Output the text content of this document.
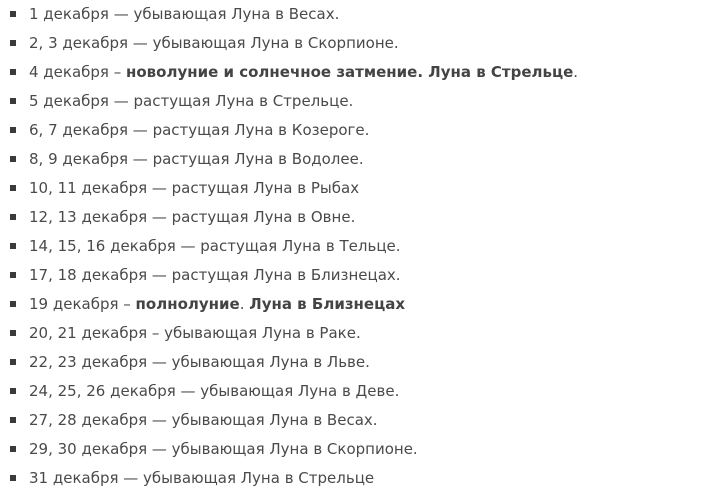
1 декабря — убывающая Луна в Весах.
2, 3 декабря — убывающая Луна в Скорпионе.
4 декабря – новолуние и солнечное затмение. Луна в Стрельце.
5 декабря — растущая Луна в Стрельце.
6, 7 декабря — растущая Луна в Козероге.
8, 9 декабря — растущая Луна в Водолее.
10, 11 декабря — растущая Луна в Рыбах
12, 13 декабря — растущая Луна в Овне.
14, 15, 16 декабря — растущая Луна в Тельце.
17, 18 декабря — растущая Луна в Близнецах.
19 декабря – полнолуние. Луна в Близнецах
20, 21 декабря – убывающая Луна в Раке.
22, 23 декабря — убывающая Луна в Льве.
24, 25, 26 декабря — убывающая Луна в Деве.
27, 28 декабря — убывающая Луна в Весах.
29, 30 декабря — убывающая Луна в Скорпионе.
31 декабря — убывающая Луна в Стрельце
